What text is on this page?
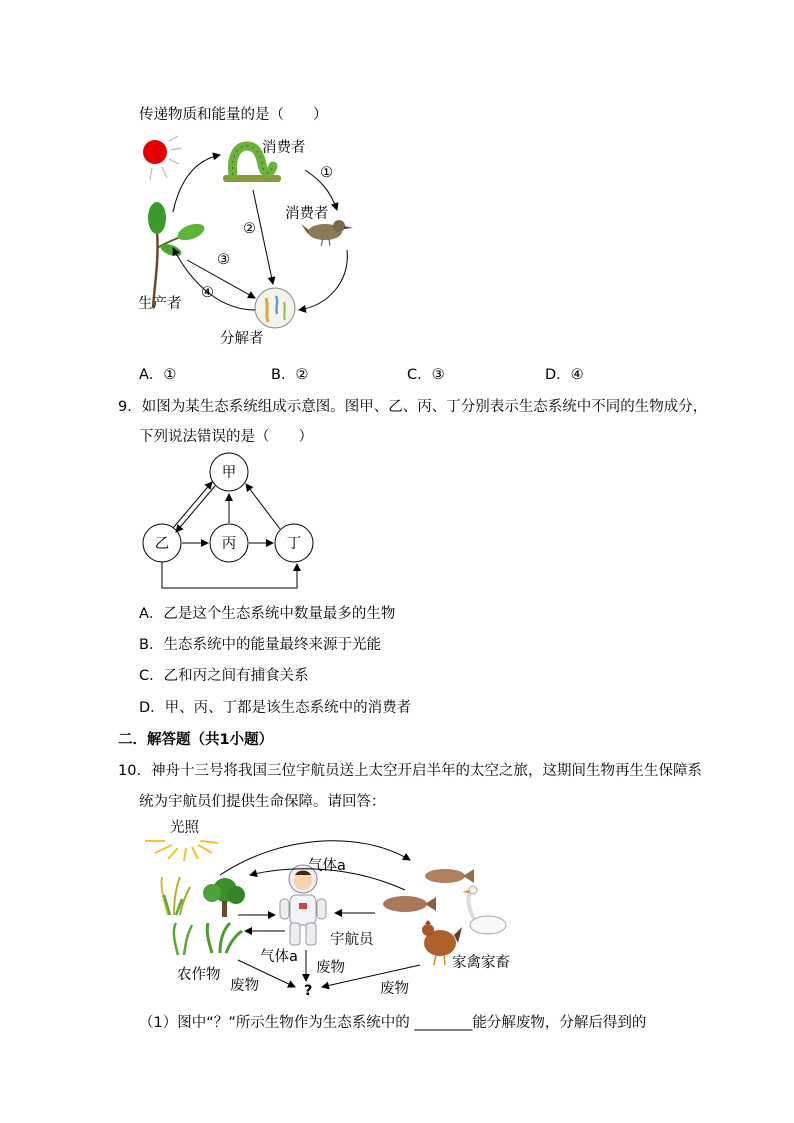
传递物质和能量的是（　　）
消费者
消费者
生产者
分解者
①
②
③
④
A．①	B．②	C．③	D．④
9．如图为某生态系统组成示意图。图甲、乙、丙、丁分别表示生态系统中不同的生物成分，
下列说法错误的是（　　）
甲
乙	丙	丁
A．乙是这个生态系统中数量最多的生物
B．生态系统中的能量最终来源于光能
C．乙和丙之间有捕食关系
D．甲、丙、丁都是该生态系统中的消费者
二．解答题（共1小题）
10．神舟十三号将我国三位宇航员送上太空开启半年的太空之旅，这期间生物再生生保障系
统为宇航员们提供生命保障。请回答：
光照
气体a
宇航员
气体a
废物
农作物
废物	?
家禽家畜
废物
（1）图中“？”所示生物作为生态系统中的 ________能分解废物，分解后得到的
